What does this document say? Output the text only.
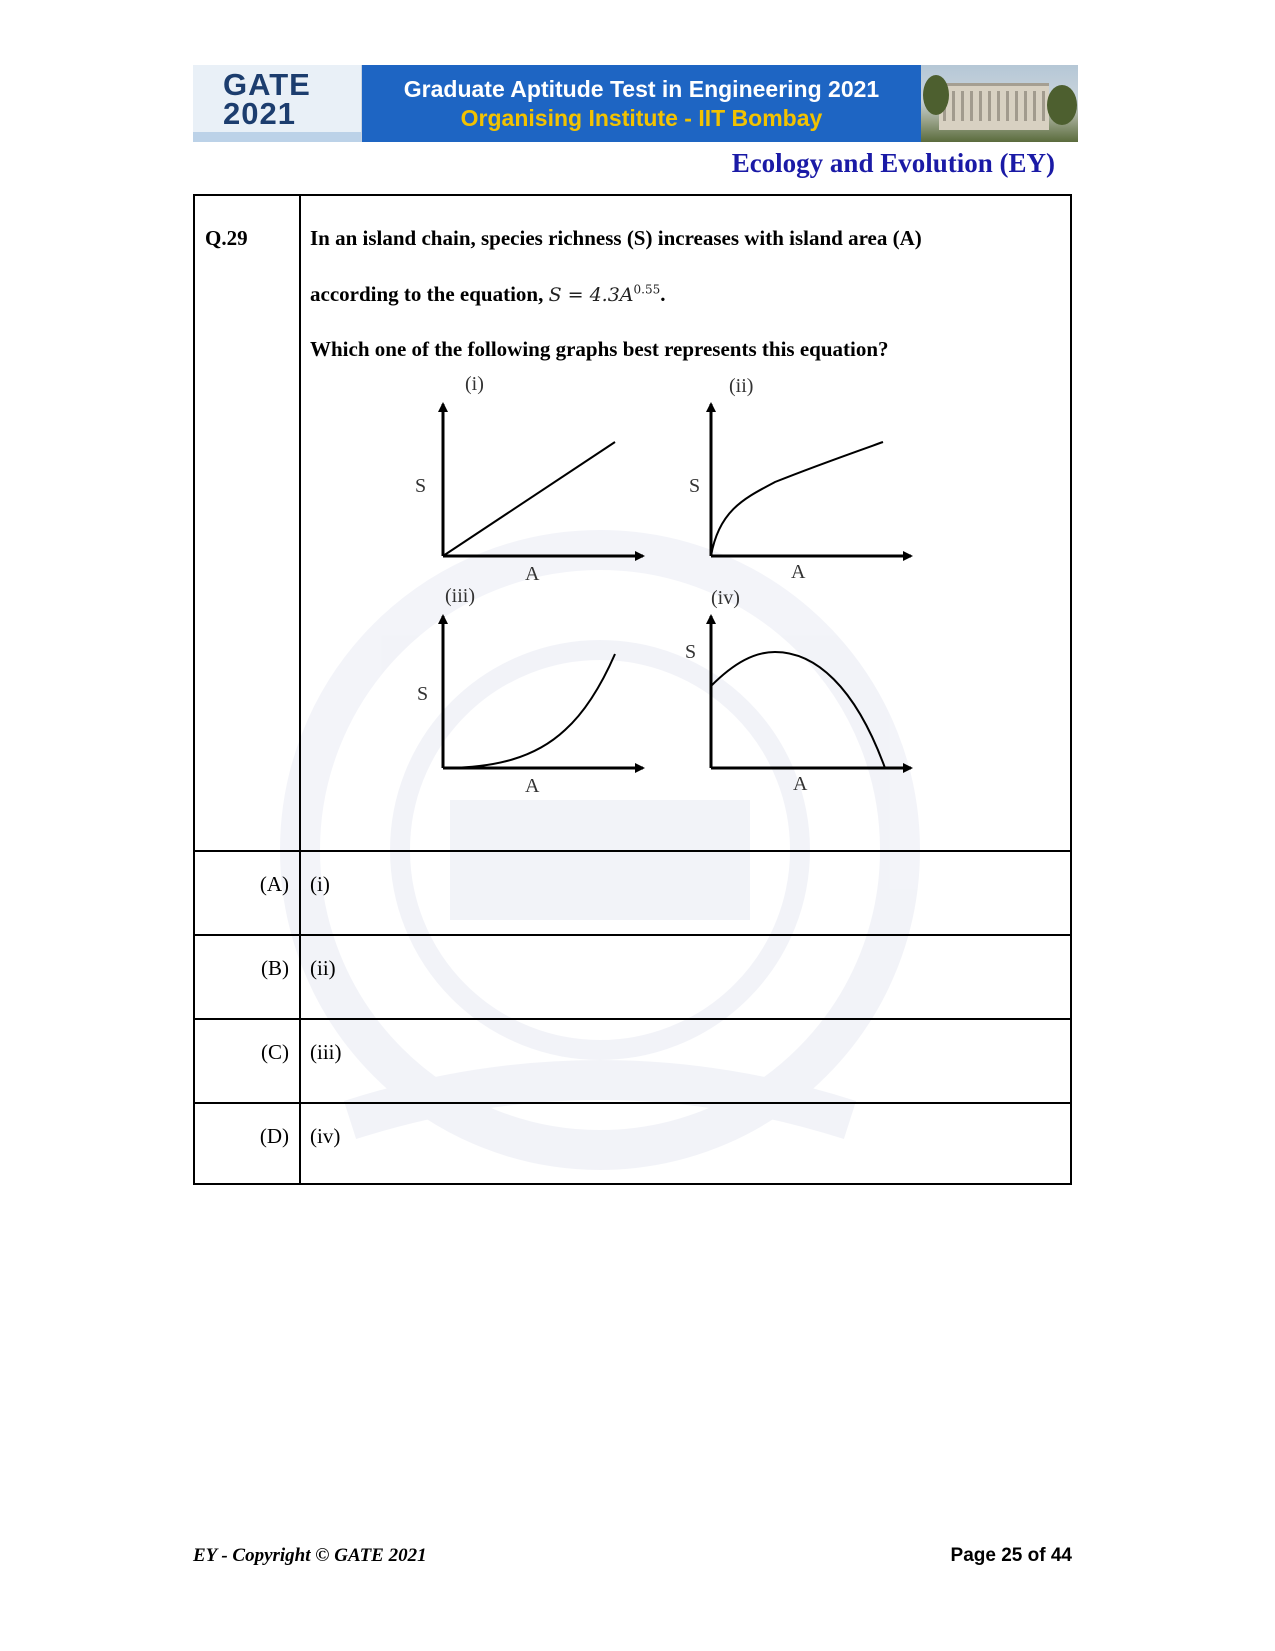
GATE
2021
Graduate Aptitude Test in Engineering 2021
Organising Institute - IIT Bombay
Ecology and Evolution (EY)
Q.29	In an island chain, species richness (S) increases with island area (A)
according to the equation, $S = 4.3A^{0.55}$.
Which one of the following graphs best represents this equation?
(i)
S
A
(ii)
S
A
(iii)
S
A
(iv)
S
A
(A) (i)
(B) (ii)
(C) (iii)
(D) (iv)
EY - Copyright © GATE 2021	Page 25 of 44
